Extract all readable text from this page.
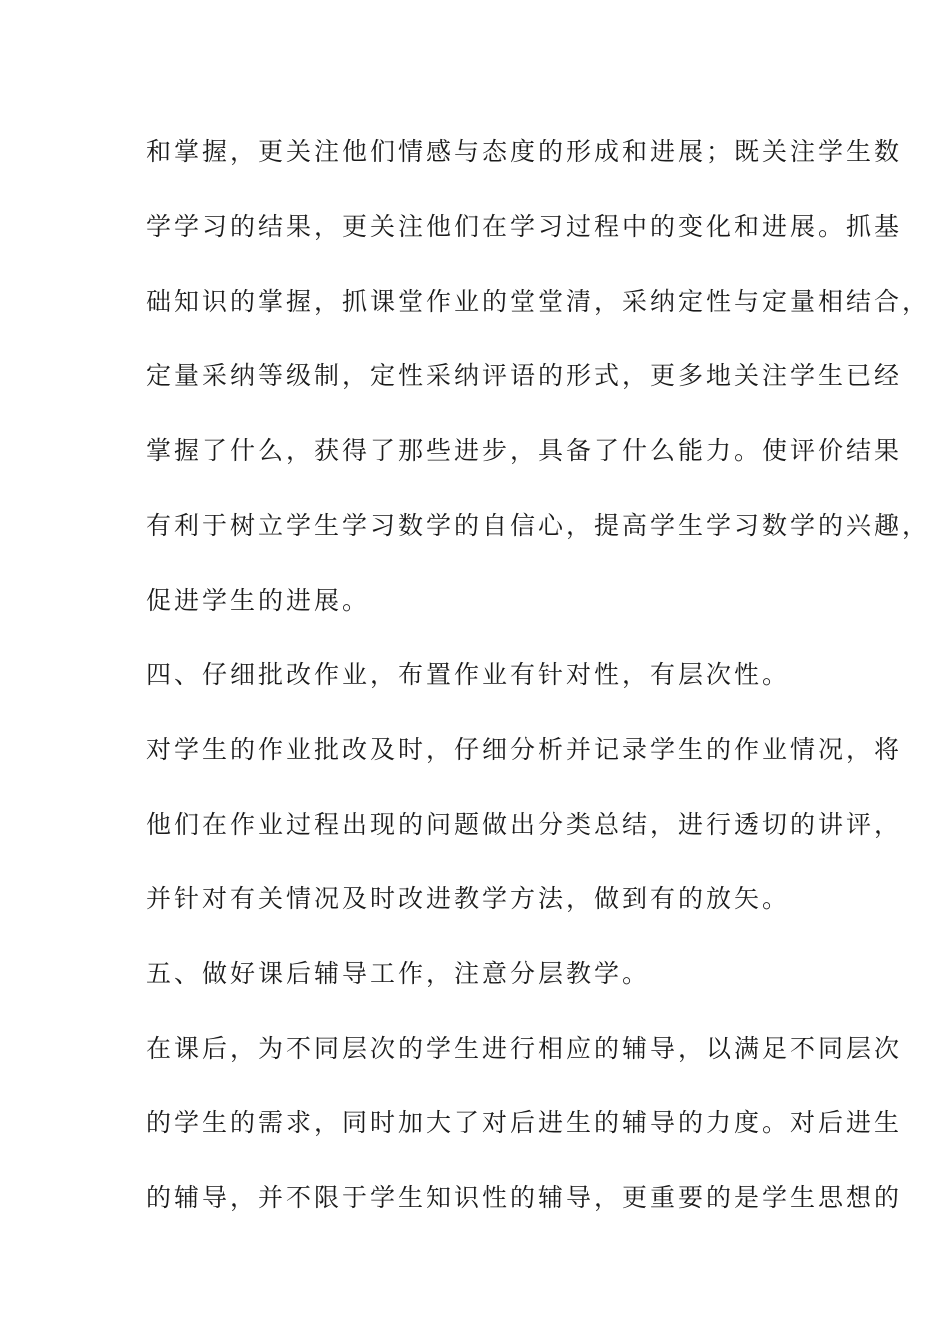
和掌握，更关注他们情感与态度的形成和进展；既关注学生数
学学习的结果，更关注他们在学习过程中的变化和进展。抓基
础知识的掌握，抓课堂作业的堂堂清，采纳定性与定量相结合，
定量采纳等级制，定性采纳评语的形式，更多地关注学生已经
掌握了什么，获得了那些进步，具备了什么能力。使评价结果
有利于树立学生学习数学的自信心，提高学生学习数学的兴趣，
促进学生的进展。
四、仔细批改作业，布置作业有针对性，有层次性。
对学生的作业批改及时，仔细分析并记录学生的作业情况，将
他们在作业过程出现的问题做出分类总结，进行透切的讲评，
并针对有关情况及时改进教学方法，做到有的放矢。
五、做好课后辅导工作，注意分层教学。
在课后，为不同层次的学生进行相应的辅导，以满足不同层次
的学生的需求，同时加大了对后进生的辅导的力度。对后进生
的辅导，并不限于学生知识性的辅导，更重要的是学生思想的
